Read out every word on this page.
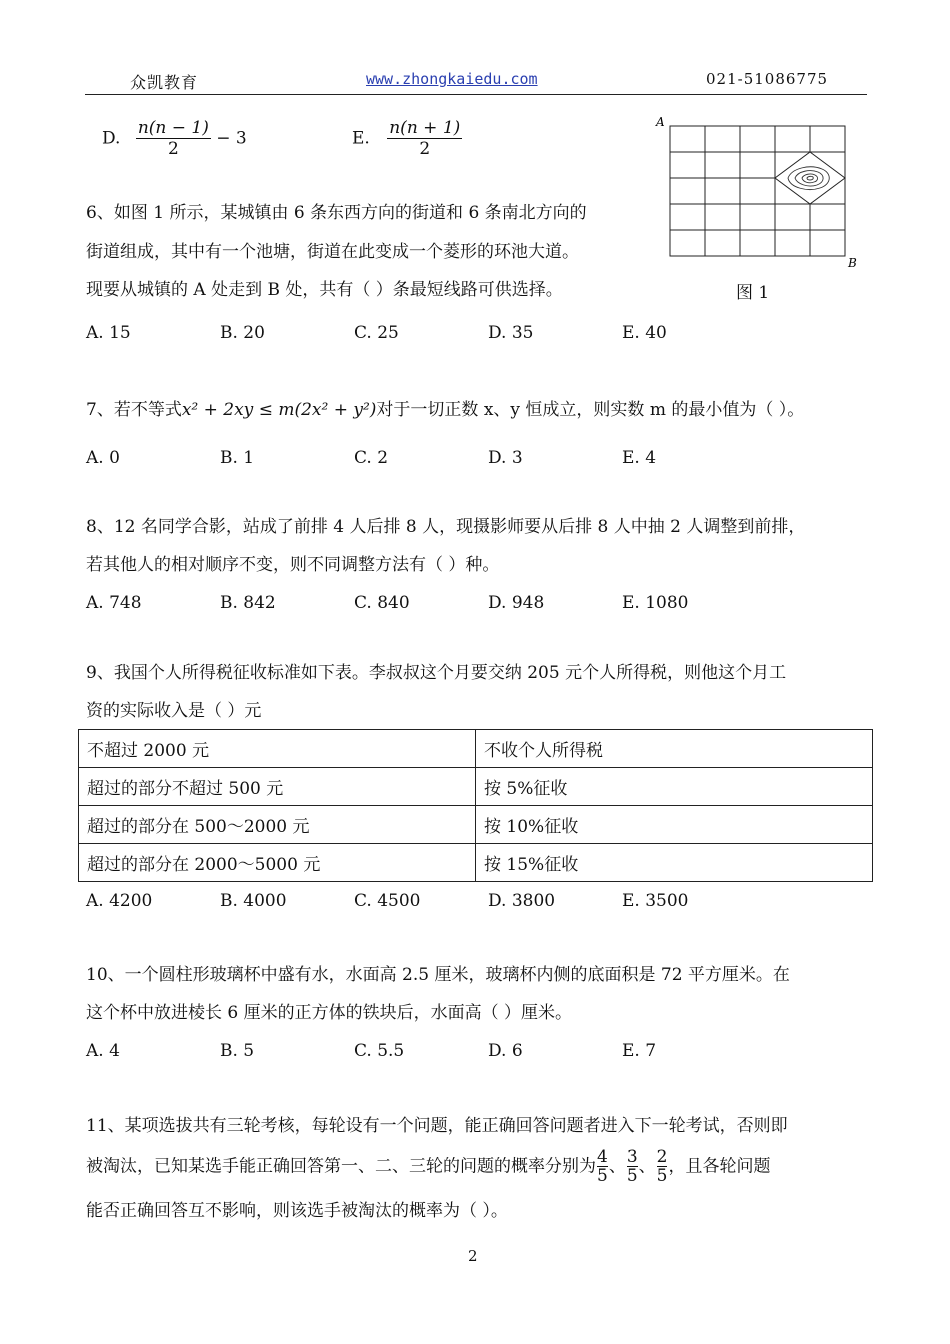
众凯教育	www.zhongkaiedu.com	021-51086775
D. $\frac{n(n - 1)}{2} - 3$	E. $\frac{n(n + 1)}{2}$	A
B
图 1
6、如图 1 所示，某城镇由 6 条东西方向的街道和 6 条南北方向的
街道组成，其中有一个池塘，街道在此变成一个菱形的环池大道。
现要从城镇的 A 处走到 B 处，共有（ ）条最短线路可供选择。
A. 15	B. 20	C. 25	D. 35	E. 40
7、若不等式x² + 2xy ≤ m(2x² + y²)对于一切正数 x、y 恒成立，则实数 m 的最小值为（ ）。
A. 0	B. 1	C. 2	D. 3	E. 4
8、12 名同学合影，站成了前排 4 人后排 8 人，现摄影师要从后排 8 人中抽 2 人调整到前排，
若其他人的相对顺序不变，则不同调整方法有（ ）种。
A. 748	B. 842	C. 840	D. 948	E. 1080
9、我国个人所得税征收标准如下表。李叔叔这个月要交纳 205 元个人所得税，则他这个月工
资的实际收入是（ ）元
不超过 2000 元	不收个人所得税
超过的部分不超过 500 元	按 5%征收
超过的部分在 500～2000 元	按 10%征收
超过的部分在 2000～5000 元	按 15%征收
A. 4200	B. 4000	C. 4500	D. 3800	E. 3500
10、一个圆柱形玻璃杯中盛有水，水面高 2.5 厘米，玻璃杯内侧的底面积是 72 平方厘米。在
这个杯中放进棱长 6 厘米的正方体的铁块后，水面高（ ）厘米。
A. 4	B. 5	C. 5.5	D. 6	E. 7
11、某项选拔共有三轮考核，每轮设有一个问题，能正确回答问题者进入下一轮考试，否则即
被淘汰，已知某选手能正确回答第一、二、三轮的问题的概率分别为 $\frac{4}{5}$ 、 $\frac{3}{5}$ 、 $\frac{2}{5}$ ，且各轮问题
能否正确回答互不影响，则该选手被淘汰的概率为（ ）。
2
